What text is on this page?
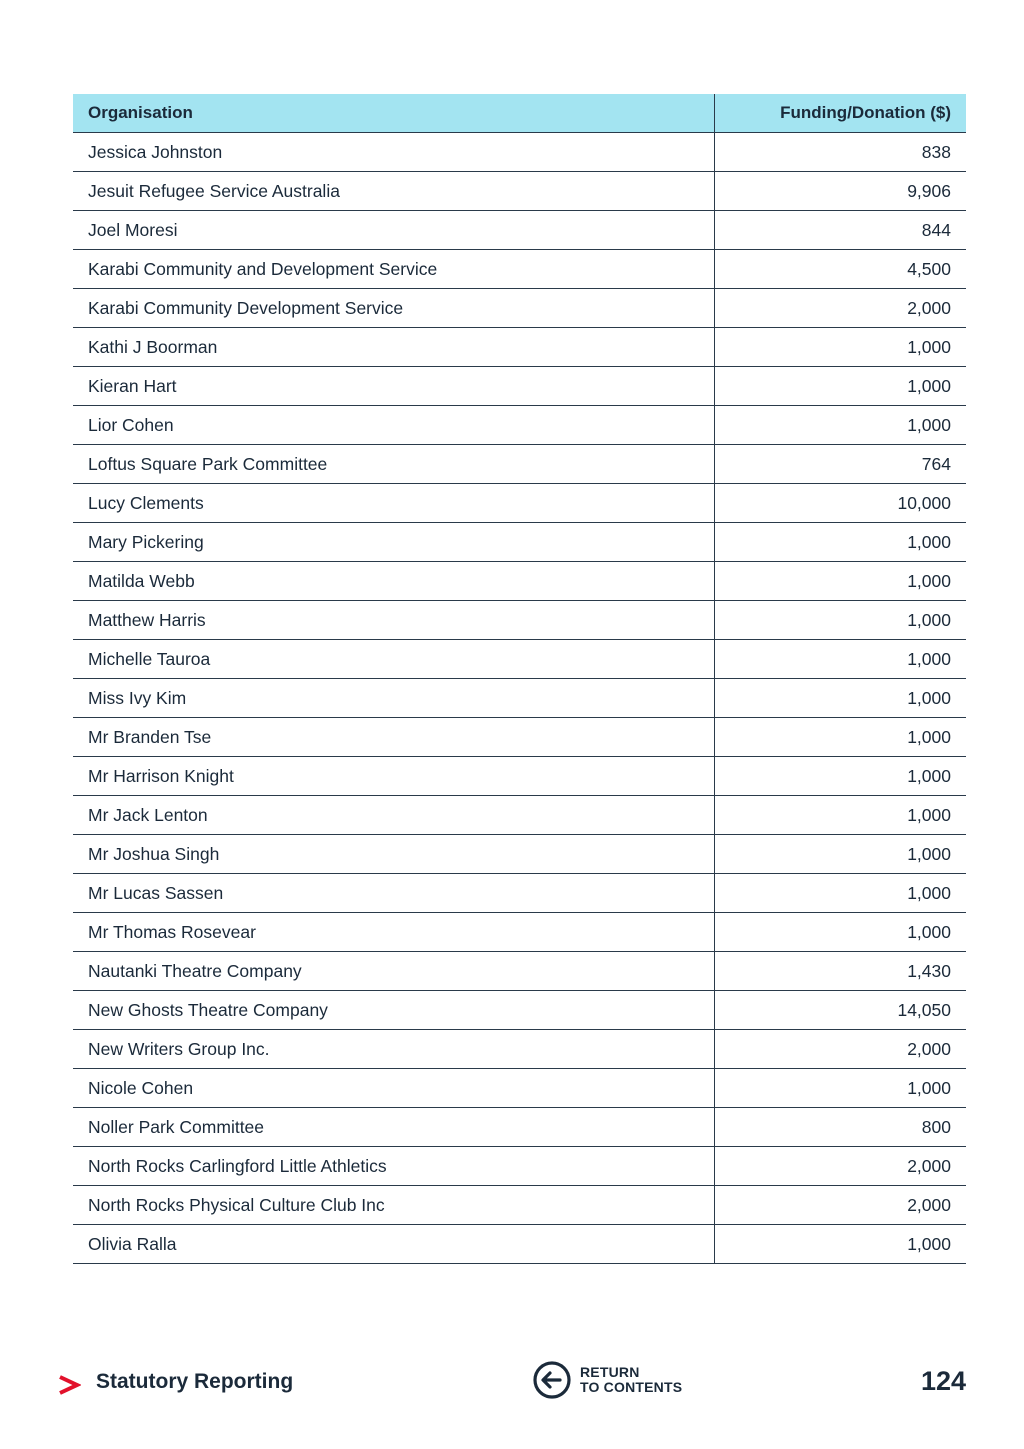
Organisation	Funding/Donation ($)
Jessica Johnston	838
Jesuit Refugee Service Australia	9,906
Joel Moresi	844
Karabi Community and Development Service	4,500
Karabi Community Development Service	2,000
Kathi J Boorman	1,000
Kieran Hart	1,000
Lior Cohen	1,000
Loftus Square Park Committee	764
Lucy Clements	10,000
Mary Pickering	1,000
Matilda Webb	1,000
Matthew Harris	1,000
Michelle Tauroa	1,000
Miss Ivy Kim	1,000
Mr Branden Tse	1,000
Mr Harrison Knight	1,000
Mr Jack Lenton	1,000
Mr Joshua Singh	1,000
Mr Lucas Sassen	1,000
Mr Thomas Rosevear	1,000
Nautanki Theatre Company	1,430
New Ghosts Theatre Company	14,050
New Writers Group Inc.	2,000
Nicole Cohen	1,000
Noller Park Committee	800
North Rocks Carlingford Little Athletics	2,000
North Rocks Physical Culture Club Inc	2,000
Olivia Ralla	1,000
Statutory Reporting	RETURN
TO CONTENTS	124
